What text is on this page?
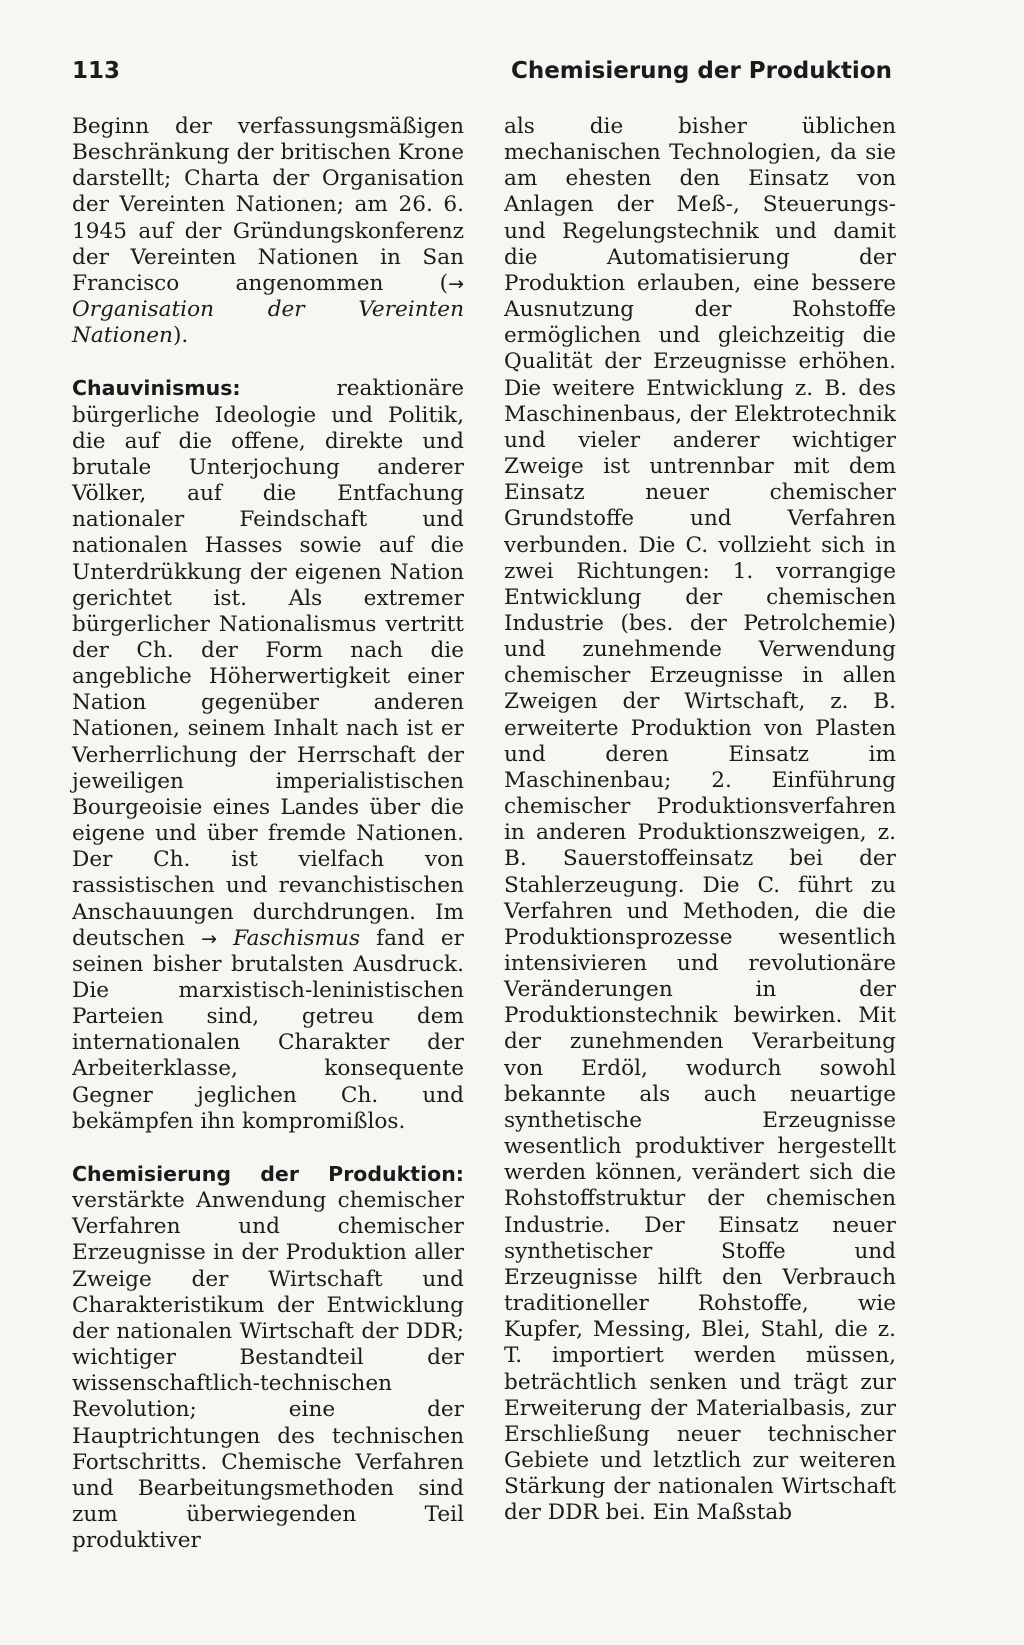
113	Chemisierung der Produktion

Beginn der verfassungsmäßigen Beschränkung der britischen Krone darstellt; Charta der Organisation der Vereinten Nationen; am 26. 6. 1945 auf der Gründungskonferenz der Vereinten Nationen in San Francisco angenommen (→ Organisation der Vereinten Nationen).

Chauvinismus: reaktionäre bürgerliche Ideologie und Politik, die auf die offene, direkte und brutale Unterjochung anderer Völker, auf die Entfachung nationaler Feindschaft und nationalen Hasses sowie auf die Unterdrükkung der eigenen Nation gerichtet ist. Als extremer bürgerlicher Nationalismus vertritt der Ch. der Form nach die angebliche Höherwertigkeit einer Nation gegenüber anderen Nationen, seinem Inhalt nach ist er Verherrlichung der Herrschaft der jeweiligen imperialistischen Bourgeoisie eines Landes über die eigene und über fremde Nationen. Der Ch. ist vielfach von rassistischen und revanchistischen Anschauungen durchdrungen. Im deutschen → Faschismus fand er seinen bisher brutalsten Ausdruck. Die marxistisch-leninistischen Parteien sind, getreu dem internationalen Charakter der Arbeiterklasse, konsequente Gegner jeglichen Ch. und bekämpfen ihn kompromißlos.

Chemisierung der Produktion: verstärkte Anwendung chemischer Verfahren und chemischer Erzeugnisse in der Produktion aller Zweige der Wirtschaft und Charakteristikum der Entwicklung der nationalen Wirtschaft der DDR; wichtiger Bestandteil der wissenschaftlich-technischen Revolution; eine der Hauptrichtungen des technischen Fortschritts. Chemische Verfahren und Bearbeitungsmethoden sind zum überwiegenden Teil produktiver

als die bisher üblichen mechanischen Technologien, da sie am ehesten den Einsatz von Anlagen der Meß-, Steuerungs- und Regelungstechnik und damit die Automatisierung der Produktion erlauben, eine bessere Ausnutzung der Rohstoffe ermöglichen und gleichzeitig die Qualität der Erzeugnisse erhöhen. Die weitere Entwicklung z. B. des Maschinenbaus, der Elektrotechnik und vieler anderer wichtiger Zweige ist untrennbar mit dem Einsatz neuer chemischer Grundstoffe und Verfahren verbunden. Die C. vollzieht sich in zwei Richtungen: 1. vorrangige Entwicklung der chemischen Industrie (bes. der Petrolchemie) und zunehmende Verwendung chemischer Erzeugnisse in allen Zweigen der Wirtschaft, z. B. erweiterte Produktion von Plasten und deren Einsatz im Maschinenbau; 2. Einführung chemischer Produktionsverfahren in anderen Produktionszweigen, z. B. Sauerstoffeinsatz bei der Stahlerzeugung. Die C. führt zu Verfahren und Methoden, die die Produktionsprozesse wesentlich intensivieren und revolutionäre Veränderungen in der Produktionstechnik bewirken. Mit der zunehmenden Verarbeitung von Erdöl, wodurch sowohl bekannte als auch neuartige synthetische Erzeugnisse wesentlich produktiver hergestellt werden können, verändert sich die Rohstoffstruktur der chemischen Industrie. Der Einsatz neuer synthetischer Stoffe und Erzeugnisse hilft den Verbrauch traditioneller Rohstoffe, wie Kupfer, Messing, Blei, Stahl, die z. T. importiert werden müssen, beträchtlich senken und trägt zur Erweiterung der Materialbasis, zur Erschließung neuer technischer Gebiete und letztlich zur weiteren Stärkung der nationalen Wirtschaft der DDR bei. Ein Maßstab
